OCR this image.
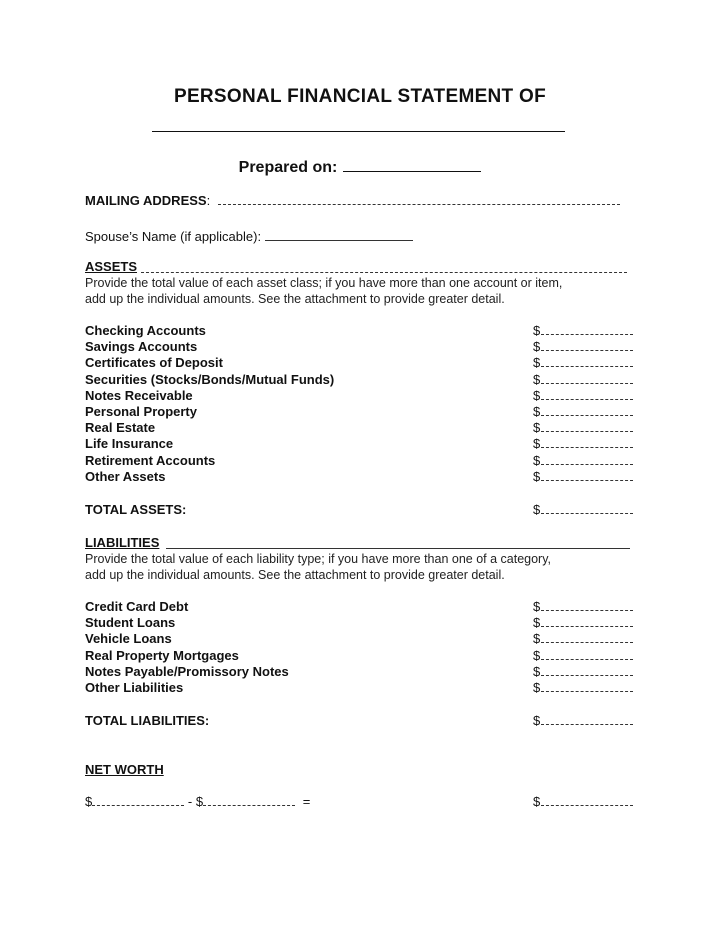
PERSONAL FINANCIAL STATEMENT OF
Prepared on:
MAILING ADDRESS:
Spouse’s Name (if applicable):
ASSETS
Provide the total value of each asset class; if you have more than one account or item,
add up the individual amounts. See the attachment to provide greater detail.
Checking Accounts	$
Savings Accounts	$
Certificates of Deposit	$
Securities (Stocks/Bonds/Mutual Funds)	$
Notes Receivable	$
Personal Property	$
Real Estate	$
Life Insurance	$
Retirement Accounts	$
Other Assets	$
TOTAL ASSETS:	$
LIABILITIES
Provide the total value of each liability type; if you have more than one of a category,
add up the individual amounts. See the attachment to provide greater detail.
Credit Card Debt	$
Student Loans	$
Vehicle Loans	$
Real Property Mortgages	$
Notes Payable/Promissory Notes	$
Other Liabilities	$
TOTAL LIABILITIES:	$
NET WORTH
$	- $	=	$
